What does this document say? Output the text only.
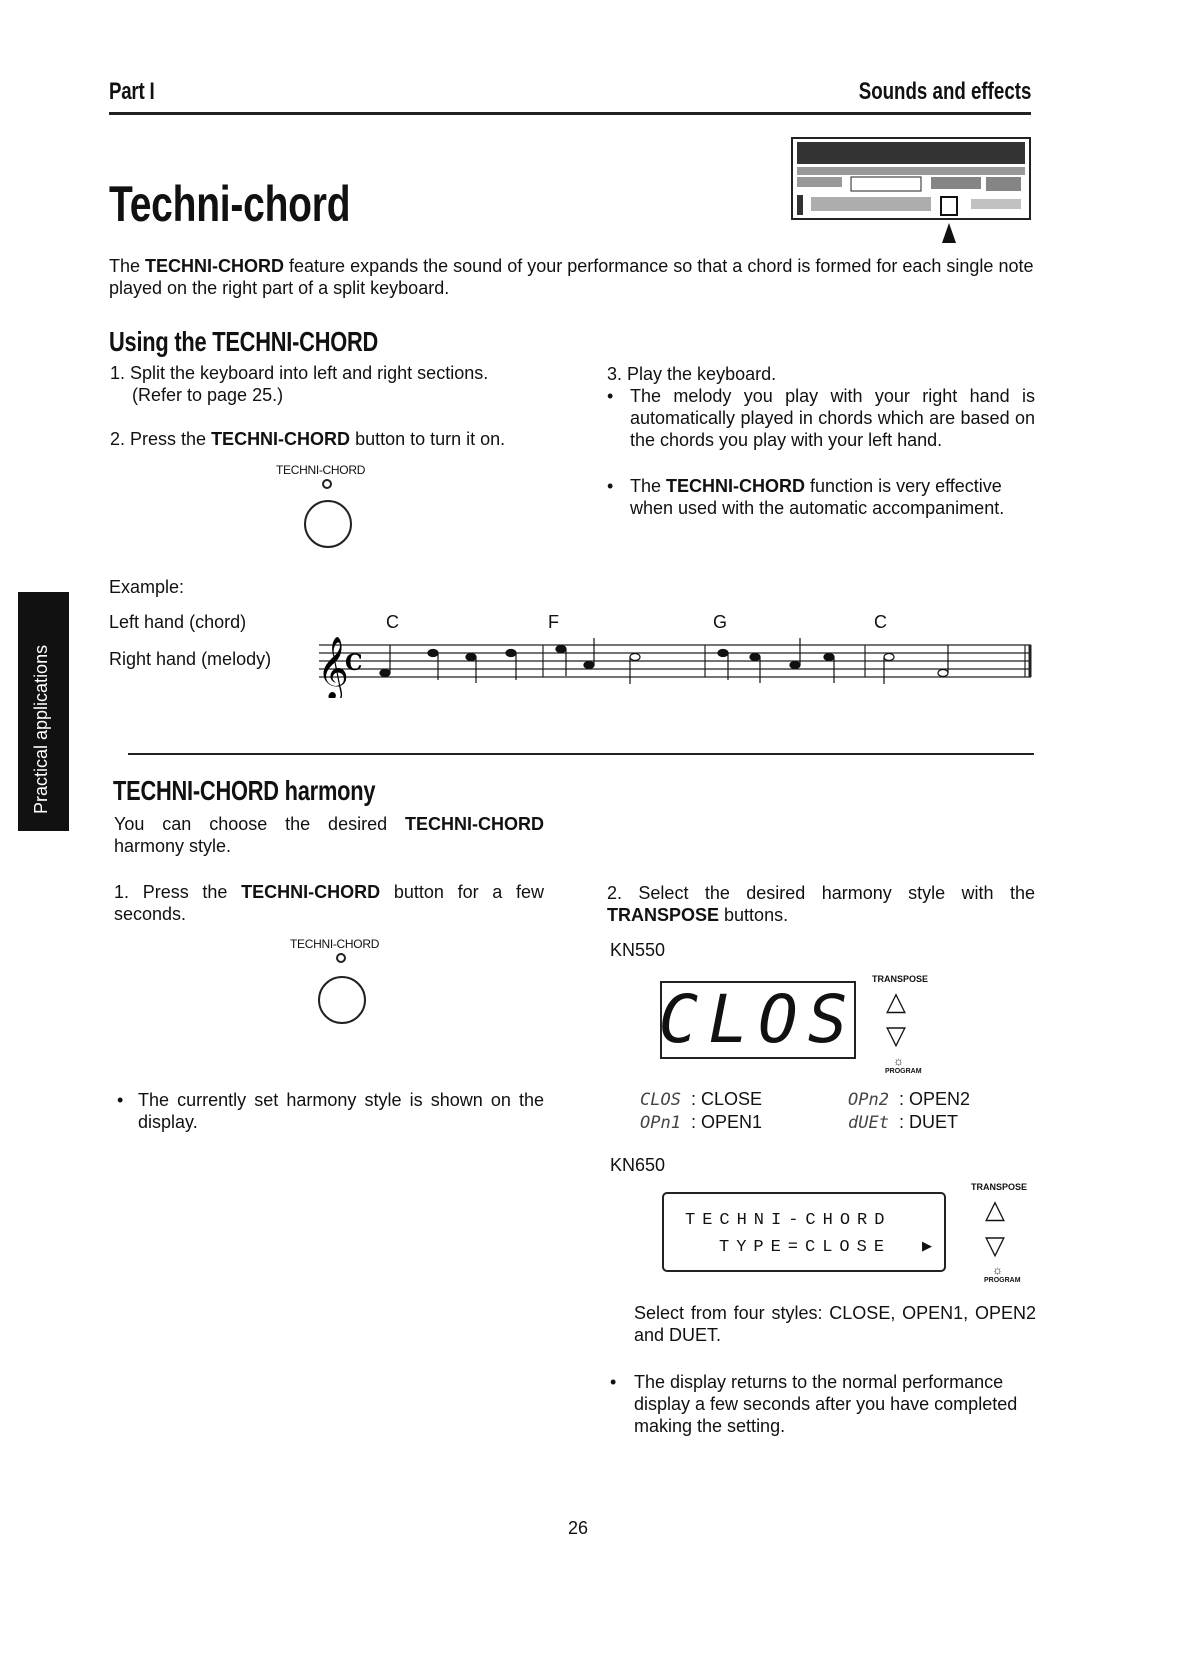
Part I	Sounds and effects
Techni-chord
The TECHNI-CHORD feature expands the sound of your performance so that a chord is formed for each single note played on the right part of a split keyboard.
Using the TECHNI-CHORD
1. Split the keyboard into left and right sections.
(Refer to page 25.)
2. Press the TECHNI-CHORD button to turn it on.
TECHNI-CHORD
3. Play the keyboard.
• The melody you play with your right hand is automatically played in chords which are based on the chords you play with your left hand.
• The TECHNI-CHORD function is very effective when used with the automatic accompaniment.
Example:
Left hand (chord)
Right hand (melody)
C	F	G	C
𝄞
C
TECHNI-CHORD harmony
You can choose the desired TECHNI-CHORD harmony style.
1. Press the TECHNI-CHORD button for a few seconds.
TECHNI-CHORD
• The currently set harmony style is shown on the display.
2. Select the desired harmony style with the TRANSPOSE buttons.
KN550
CLOS
TRANSPOSE
△
▽
☼
PROGRAM
CLOS : CLOSE
OPn1 : OPEN1
OPn2 : OPEN2
dUEt : DUET
KN650
TECHNI-CHORD
TYPE=CLOSE ▶
TRANSPOSE
△
▽
☼
PROGRAM
Select from four styles: CLOSE, OPEN1, OPEN2 and DUET.
• The display returns to the normal performance display a few seconds after you have completed making the setting.
Practical applications
26
